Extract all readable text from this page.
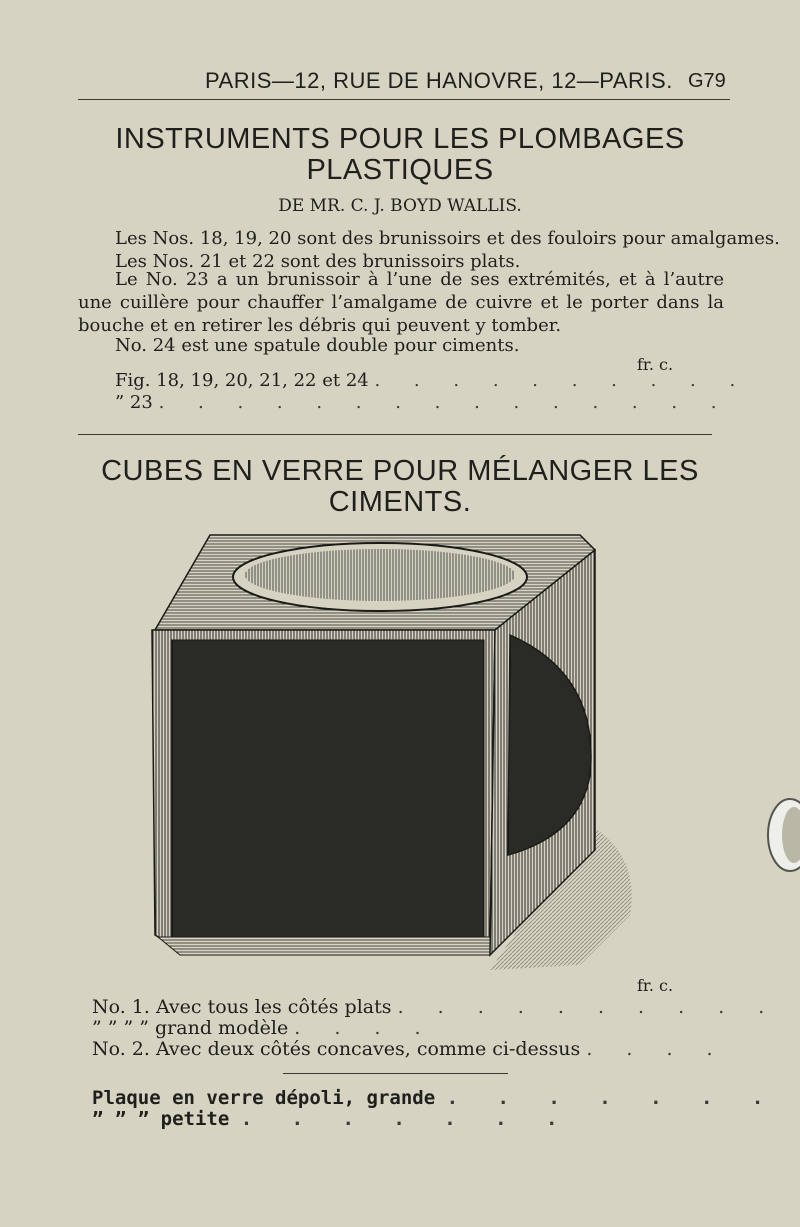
PARIS—12, RUE DE HANOVRE, 12—PARIS. G79
INSTRUMENTS POUR LES PLOMBAGES
PLASTIQUES
DE MR. C. J. BOYD WALLIS.
Les Nos. 18, 19, 20 sont des brunissoirs et des fouloirs pour amalgames.
Les Nos. 21 et 22 sont des brunissoirs plats.
Le No. 23 a un brunissoir à l’une de ses extrémités, et à l’autre une cuillère pour chauffer l’amalgame de cuivre et le porter dans la bouche et en retirer les débris qui peuvent y tomber.
No. 24 est une spatule double pour ciments.
fr. c.
Fig. 18, 19, 20, 21, 22 et 24 . . . . . . . . . .
” 23 . . . . . . . . . . . . . . .
CUBES EN VERRE POUR MÉLANGER LES
CIMENTS.
fr. c.
No. 1. Avec tous les côtés plats . . . . . . . . . .
” ” ” ” grand modèle . . . .
No. 2. Avec deux côtés concaves, comme ci-dessus . . . .
Plaque en verre dépoli, grande . . . . . . .
” ” ” petite . . . . . . .
